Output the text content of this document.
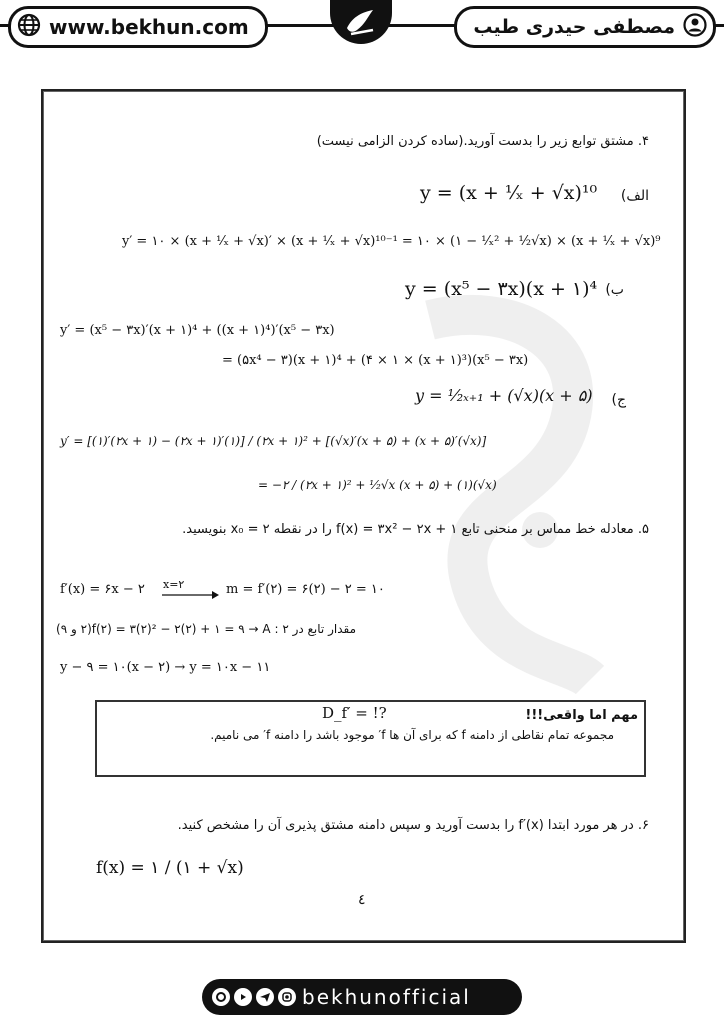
www.bekhun.com	مصطفی حیدری طیب
۴. مشتق توابع زیر را بدست آورید.(ساده کردن الزامی نیست)
الف)
y = (x + ¹⁄ₓ + √x)¹⁰
y′ = ۱۰ × (x + ¹⁄ₓ + √x)′ × (x + ¹⁄ₓ + √x)¹⁰⁻¹ = ۱۰ × (۱ − ¹⁄ₓ² + ¹⁄₂√x) × (x + ¹⁄ₓ + √x)⁹
ب)
y = (x⁵ − ۳x)(x + ۱)⁴
y′ = (x⁵ − ۳x)′(x + ۱)⁴ + ((x + ۱)⁴)′(x⁵ − ۳x)
= (۵x⁴ − ۳)(x + ۱)⁴ + (۴ × ۱ × (x + ۱)³)(x⁵ − ۳x)
ج)
y = ¹⁄₂ₓ₊₁ + (√x)(x + ۵)
y′ = [(۱)′(۲x + ۱) − (۲x + ۱)′(۱)] / (۲x + ۱)² + [(√x)′(x + ۵) + (x + ۵)′(√x)]
= −۲ / (۲x + ۱)² + ¹⁄₂√x (x + ۵) + (۱)(√x)
۵. معادله خط مماس بر منحنی تابع f(x) = ۳x² − ۲x + ۱ را در نقطه x₀ = ۲ بنویسید.
f′(x) = ۶x − ۲ x=۲	m = f′(۲) = ۶(۲) − ۲ = ۱۰
مقدار تابع در ۲ : f(۲) = ۳(۲)² − ۲(۲) + ۱ = ۹ → A(۲ و ۹)
y − ۹ = ۱۰(x − ۲) → y = ۱۰x − ۱۱
مهم اما واقعی!!!
D_f′ = !?
مجموعه تمام نقاطی از دامنه f که برای آن ها f′ موجود باشد را دامنه f′ می نامیم.
۶. در هر مورد ابتدا f′(x) را بدست آورید و سپس دامنه مشتق پذیری آن را مشخص کنید.
f(x) = ۱ / (۱ + √x)
٤
bekhunofficial
